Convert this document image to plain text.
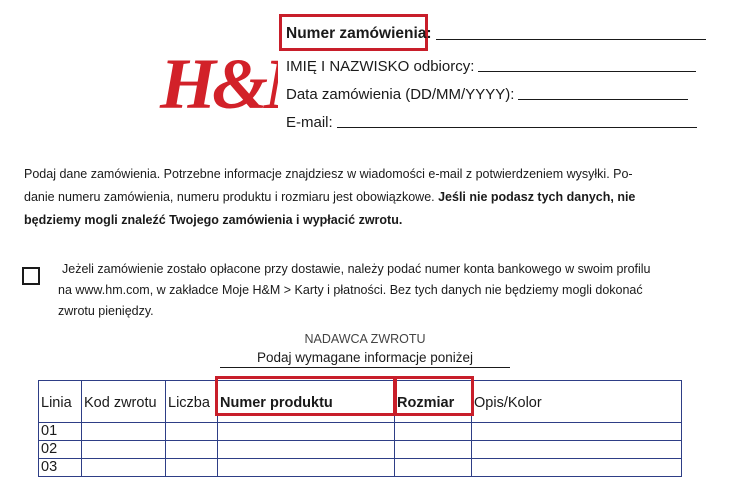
H&
Numer zamówienia:
IMIĘ I NAZWISKO odbiorcy:
Data zamówienia (DD/MM/YYYY):
E-mail:
Podaj dane zamówienia. Potrzebne informacje znajdziesz w wiadomości e-mail z potwierdzeniem wysyłki. Po-
danie numeru zamówienia, numeru produktu i rozmiaru jest obowiązkowe. Jeśli nie podasz tych danych, nie
będziemy mogli znaleźć Twojego zamówienia i wypłacić zwrotu.
Jeżeli zamówienie zostało opłacone przy dostawie, należy podać numer konta bankowego w swoim profilu
na www.hm.com, w zakładce Moje H&M > Karty i płatności. Bez tych danych nie będziemy mogli dokonać
zwrotu pieniędzy.
NADAWCA ZWROTU
Podaj wymagane informacje poniżej
Linia	Kod zwrotu	Liczba	Numer produktu	Rozmiar	Opis/Kolor
01					
02					
03					
